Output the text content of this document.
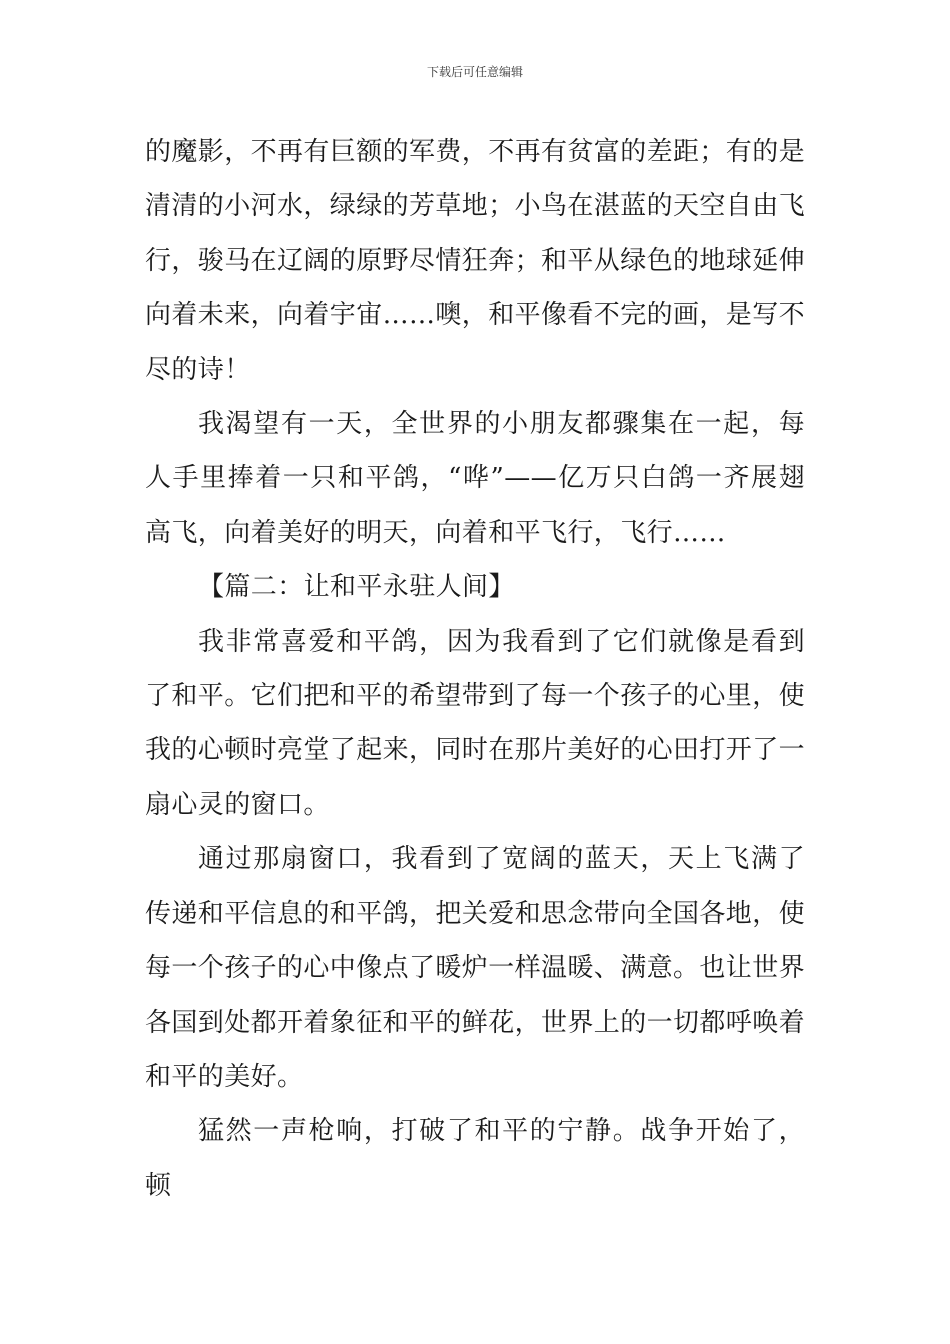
下载后可任意编辑

的魔影，不再有巨额的军费，不再有贫富的差距；有的是清清的小河水，绿绿的芳草地；小鸟在湛蓝的天空自由飞行，骏马在辽阔的原野尽情狂奔；和平从绿色的地球延伸向着未来，向着宇宙……噢，和平像看不完的画，是写不尽的诗！

我渴望有一天，全世界的小朋友都骤集在一起，每人手里捧着一只和平鸽，“哗”——亿万只白鸽一齐展翅高飞，向着美好的明天，向着和平飞行，飞行……

【篇二：让和平永驻人间】

我非常喜爱和平鸽，因为我看到了它们就像是看到了和平。它们把和平的希望带到了每一个孩子的心里，使我的心顿时亮堂了起来，同时在那片美好的心田打开了一扇心灵的窗口。

通过那扇窗口，我看到了宽阔的蓝天，天上飞满了传递和平信息的和平鸽，把关爱和思念带向全国各地，使每一个孩子的心中像点了暖炉一样温暖、满意。也让世界各国到处都开着象征和平的鲜花，世界上的一切都呼唤着和平的美好。

猛然一声枪响，打破了和平的宁静。战争开始了，顿
